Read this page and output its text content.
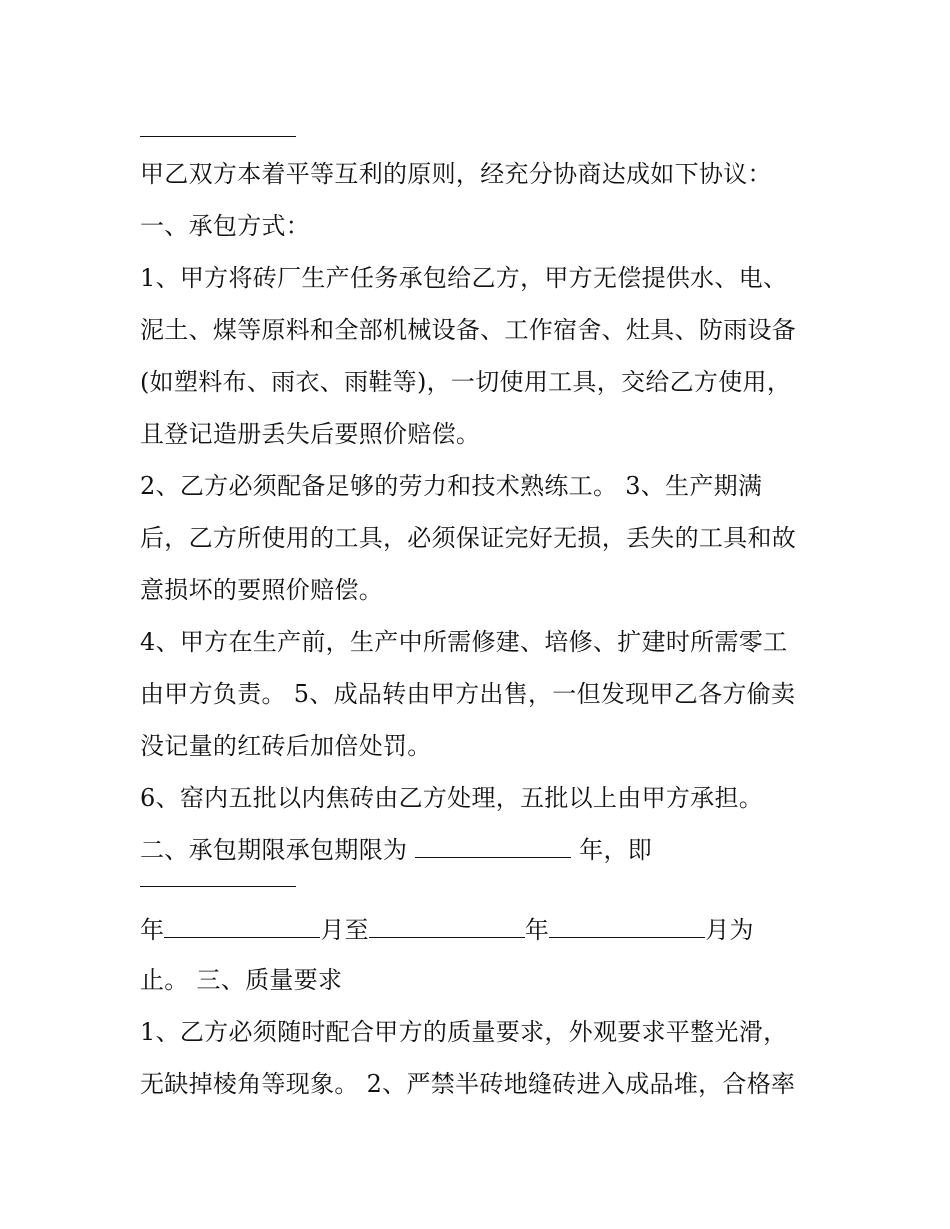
甲乙双方本着平等互利的原则，经充分协商达成如下协议：
一、承包方式：
1、甲方将砖厂生产任务承包给乙方，甲方无偿提供水、电、
泥土、煤等原料和全部机械设备、工作宿舍、灶具、防雨设备
(如塑料布、雨衣、雨鞋等)，一切使用工具，交给乙方使用，
且登记造册丢失后要照价赔偿。
2、乙方必须配备足够的劳力和技术熟练工。 3、生产期满
后，乙方所使用的工具，必须保证完好无损，丢失的工具和故
意损坏的要照价赔偿。
4、甲方在生产前，生产中所需修建、培修、扩建时所需零工
由甲方负责。 5、成品转由甲方出售，一但发现甲乙各方偷卖
没记量的红砖后加倍处罚。
6、窑内五批以内焦砖由乙方处理，五批以上由甲方承担。
二、承包期限承包期限为	年，即
年	月至	年	月为
止。 三、质量要求
1、乙方必须随时配合甲方的质量要求，外观要求平整光滑，
无缺掉棱角等现象。 2、严禁半砖地缝砖进入成品堆，合格率
